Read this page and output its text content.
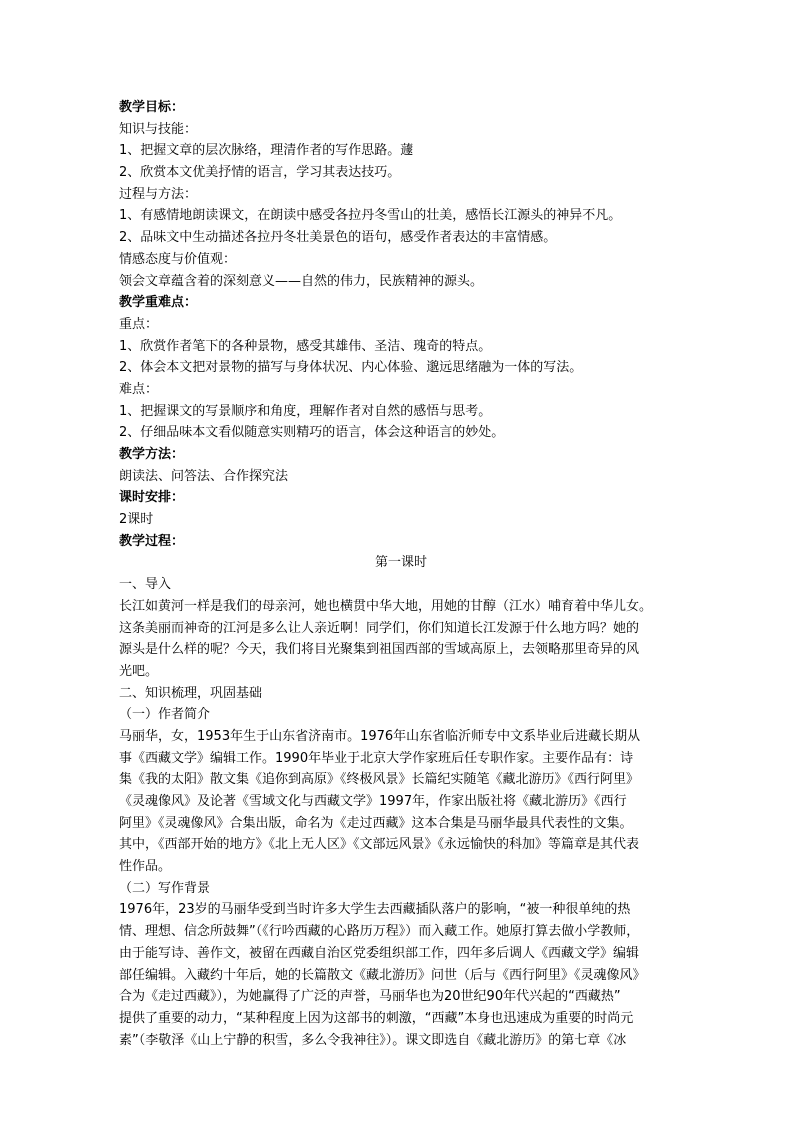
教学目标：
知识与技能：
1、把握文章的层次脉络，理清作者的写作思路。蘧
2、欣赏本文优美抒情的语言，学习其表达技巧。
过程与方法：
1、有感情地朗读课文，在朗读中感受各拉丹冬雪山的壮美，感悟长江源头的神异不凡。
2、品味文中生动描述各拉丹冬壮美景色的语句，感受作者表达的丰富情感。
情感态度与价值观：
领会文章蕴含着的深刻意义——自然的伟力，民族精神的源头。
教学重难点：
重点：
1、欣赏作者笔下的各种景物，感受其雄伟、圣洁、瑰奇的特点。
2、体会本文把对景物的描写与身体状况、内心体验、邈远思绪融为一体的写法。
难点：
1、把握课文的写景顺序和角度，理解作者对自然的感悟与思考。
2、仔细品味本文看似随意实则精巧的语言，体会这种语言的妙处。
教学方法：
朗读法、问答法、合作探究法
课时安排：
2课时
教学过程：
第一课时
一、导入
长江如黄河一样是我们的母亲河，她也横贯中华大地，用她的甘醇（江水）哺育着中华儿女。
这条美丽而神奇的江河是多么让人亲近啊！同学们，你们知道长江发源于什么地方吗？她的
源头是什么样的呢？今天，我们将目光聚集到祖国西部的雪域高原上，去领略那里奇异的风
光吧。
二、知识梳理，巩固基础
（一）作者简介
马丽华，女，1953年生于山东省济南市。1976年山东省临沂师专中文系毕业后进藏长期从
事《西藏文学》编辑工作。1990年毕业于北京大学作家班后任专职作家。主要作品有：诗
集《我的太阳》散文集《追你到高原》《终极风景》长篇纪实随笔《藏北游历》《西行阿里》
《灵魂像风》及论著《雪域文化与西藏文学》1997年，作家出版社将《藏北游历》《西行
阿里》《灵魂像风》合集出版，命名为《走过西藏》这本合集是马丽华最具代表性的文集。
其中，《西部开始的地方》《北上无人区》《文部远风景》《永远愉快的科加》等篇章是其代表
性作品。
（二）写作背景
1976年，23岁的马丽华受到当时许多大学生去西藏插队落户的影响，“被一种很单纯的热
情、理想、信念所鼓舞”（《行吟西藏的心路历万程》）而入藏工作。她原打算去做小学教师，
由于能写诗、善作文，被留在西藏自治区党委组织部工作，四年多后调人《西藏文学》编辑
部任编辑。入藏约十年后，她的长篇散文《藏北游历》问世（后与《西行阿里》《灵魂像风》
合为《走过西藏》），为她赢得了广泛的声誉，马丽华也为20世纪90年代兴起的“西藏热”
提供了重要的动力，“某种程度上因为这部书的刺激，“西藏”本身也迅速成为重要的时尚元
素”（李敬泽《山上宁静的积雪，多么令我神往》）。课文即选自《藏北游历》的第七章《冰
